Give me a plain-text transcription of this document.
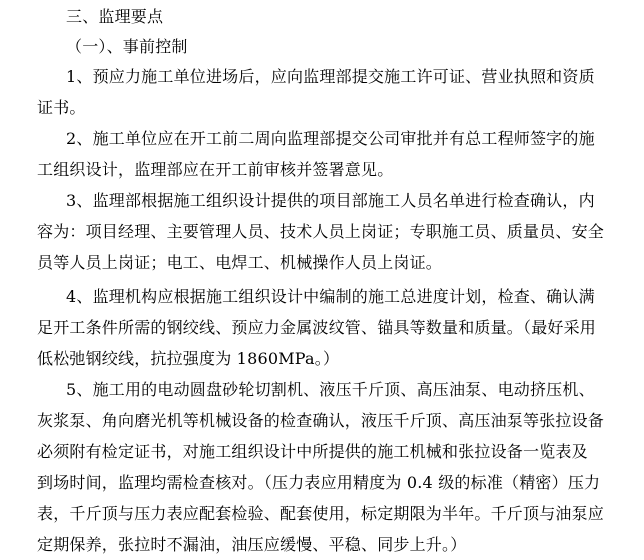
三、监理要点
（一）、事前控制
1、预应力施工单位进场后，应向监理部提交施工许可证、营业执照和资质
证书。
2、施工单位应在开工前二周向监理部提交公司审批并有总工程师签字的施
工组织设计，监理部应在开工前审核并签署意见。
3、监理部根据施工组织设计提供的项目部施工人员名单进行检查确认，内
容为：项目经理、主要管理人员、技术人员上岗证；专职施工员、质量员、安全
员等人员上岗证；电工、电焊工、机械操作人员上岗证。
4、监理机构应根据施工组织设计中编制的施工总进度计划，检查、确认满
足开工条件所需的钢绞线、预应力金属波纹管、锚具等数量和质量。（最好采用
低松弛钢绞线，抗拉强度为 1860MPa。）
5、施工用的电动圆盘砂轮切割机、液压千斤顶、高压油泵、电动挤压机、
灰浆泵、角向磨光机等机械设备的检查确认，液压千斤顶、高压油泵等张拉设备
必须附有检定证书，对施工组织设计中所提供的施工机械和张拉设备一览表及
到场时间，监理均需检查核对。（压力表应用精度为 0.4 级的标准（精密）压力
表，千斤顶与压力表应配套检验、配套使用，标定期限为半年。千斤顶与油泵应
定期保养，张拉时不漏油，油压应缓慢、平稳、同步上升。）
